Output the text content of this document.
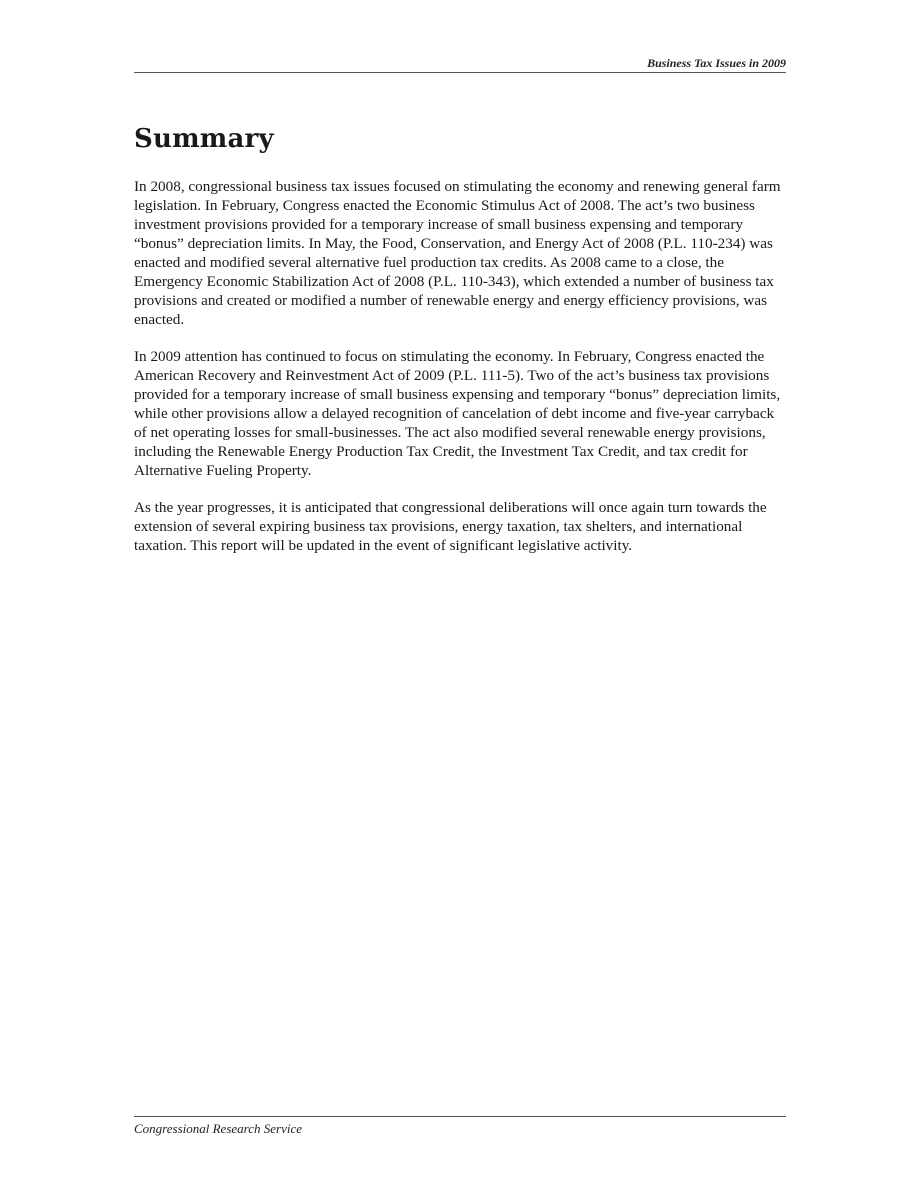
Business Tax Issues in 2009
Summary

In 2008, congressional business tax issues focused on stimulating the economy and renewing general farm legislation. In February, Congress enacted the Economic Stimulus Act of 2008. The act’s two business investment provisions provided for a temporary increase of small business expensing and temporary “bonus” depreciation limits. In May, the Food, Conservation, and Energy Act of 2008 (P.L. 110-234) was enacted and modified several alternative fuel production tax credits. As 2008 came to a close, the Emergency Economic Stabilization Act of 2008 (P.L. 110-343), which extended a number of business tax provisions and created or modified a number of renewable energy and energy efficiency provisions, was enacted.

In 2009 attention has continued to focus on stimulating the economy. In February, Congress enacted the American Recovery and Reinvestment Act of 2009 (P.L. 111-5). Two of the act’s business tax provisions provided for a temporary increase of small business expensing and temporary “bonus” depreciation limits, while other provisions allow a delayed recognition of cancelation of debt income and five-year carryback of net operating losses for small-businesses. The act also modified several renewable energy provisions, including the Renewable Energy Production Tax Credit, the Investment Tax Credit, and tax credit for Alternative Fueling Property.

As the year progresses, it is anticipated that congressional deliberations will once again turn towards the extension of several expiring business tax provisions, energy taxation, tax shelters, and international taxation. This report will be updated in the event of significant legislative activity.

Congressional Research Service
